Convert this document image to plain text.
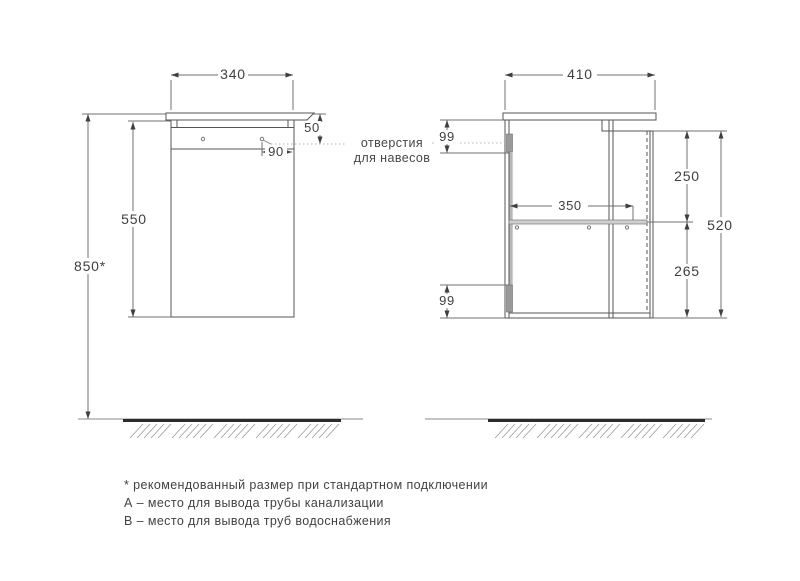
340
850*
550
50
90
410
99
350
250
265
520
99
отверстия
для навесов
* рекомендованный размер при стандартном подключении
А – место для вывода трубы канализации
В – место для вывода труб водоснабжения
